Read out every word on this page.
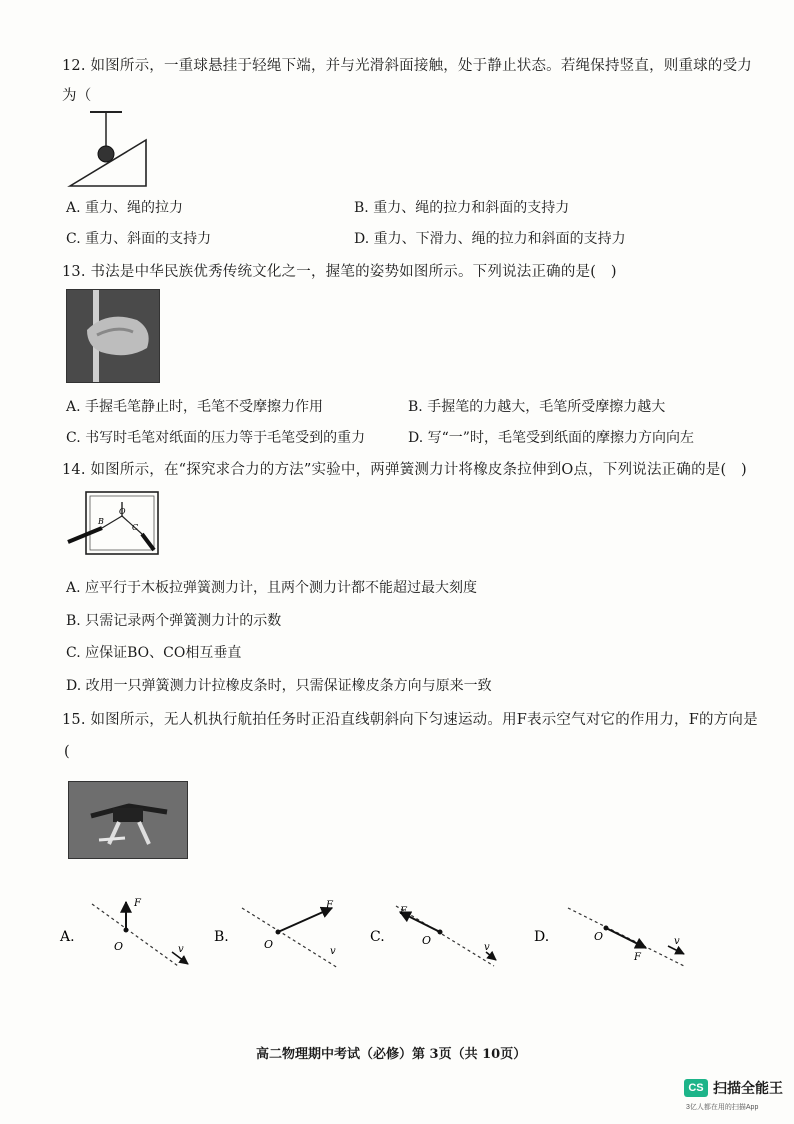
12. 如图所示，一重球悬挂于轻绳下端，并与光滑斜面接触，处于静止状态。若绳保持竖直，则重球的受力
为（
A. 重力、绳的拉力	B. 重力、绳的拉力和斜面的支持力
C. 重力、斜面的支持力	D. 重力、下滑力、绳的拉力和斜面的支持力
13. 书法是中华民族优秀传统文化之一，握笔的姿势如图所示。下列说法正确的是(　)
A. 手握毛笔静止时，毛笔不受摩擦力作用	B. 手握笔的力越大，毛笔所受摩擦力越大
C. 书写时毛笔对纸面的压力等于毛笔受到的重力	D. 写“一”时，毛笔受到纸面的摩擦力方向向左
14. 如图所示，在“探究求合力的方法”实验中，两弹簧测力计将橡皮条拉伸到O点，下列说法正确的是(　)
O
B
C
A. 应平行于木板拉弹簧测力计，且两个测力计都不能超过最大刻度
B. 只需记录两个弹簧测力计的示数
C. 应保证BO、CO相互垂直
D. 改用一只弹簧测力计拉橡皮条时，只需保证橡皮条方向与原来一致
15. 如图所示，无人机执行航拍任务时正沿直线朝斜向下匀速运动。用F表示空气对它的作用力，F的方向是
(
A.
F
O	v
B.
F
O
v
C.
F
O
v
D.	O
F
v
高二物理期中考试（必修）第 3页（共 10页）
CS 扫描全能王
3亿人都在用的扫描App
